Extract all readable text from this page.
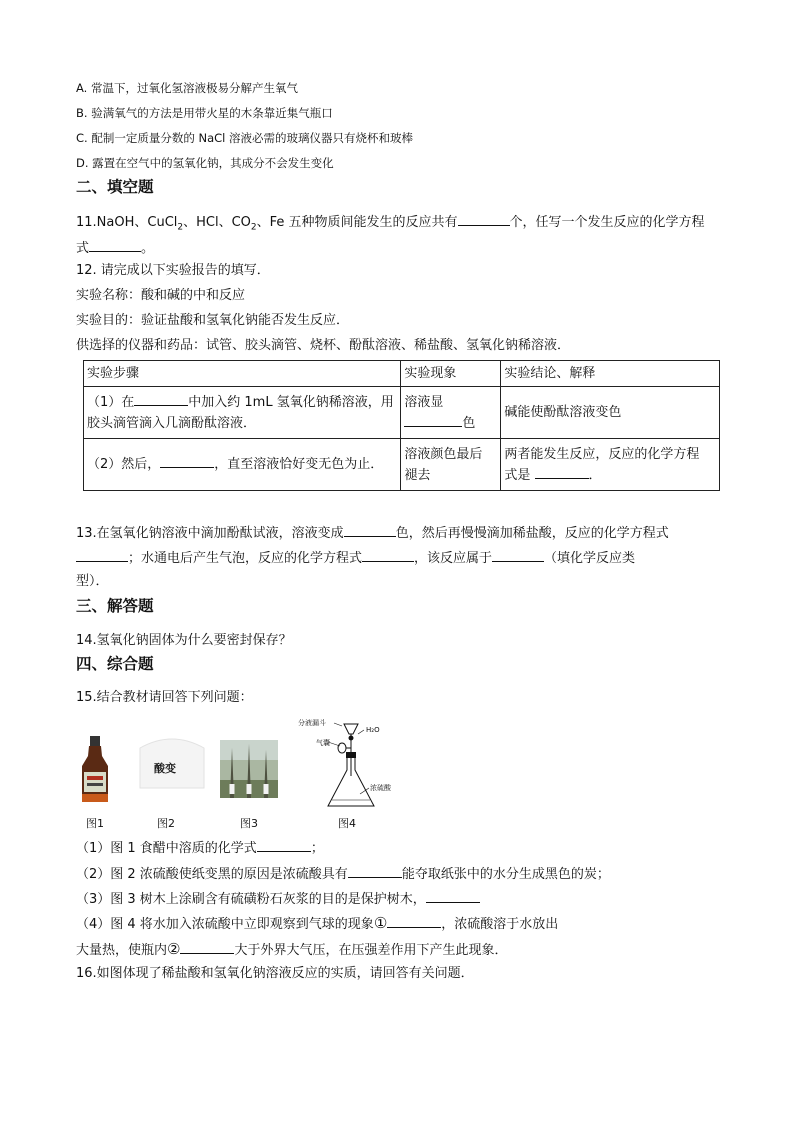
A. 常温下，过氧化氢溶液极易分解产生氧气
B. 验满氧气的方法是用带火星的木条靠近集气瓶口
C. 配制一定质量分数的 NaCl 溶液必需的玻璃仪器只有烧杯和玻棒
D. 露置在空气中的氢氧化钠，其成分不会发生变化
二、填空题
11.NaOH、CuCl$_2$、HCl、$CO_2$、Fe 五种物质间能发生的反应共有	个，任写一个发生反应的化学方程
式	。
12. 请完成以下实验报告的填写．
实验名称：酸和碱的中和反应
实验目的：验证盐酸和氢氧化钠能否发生反应．
供选择的仪器和药品：试管、胶头滴管、烧杯、酚酞溶液、稀盐酸、氢氧化钠稀溶液．
实验步骤	实验现象	实验结论、解释
（1）在 中加入约 1mL 氢氧化钠稀溶液，用
胶头滴管滴入几滴酚酞溶液．	溶液显
色	碱能使酚酞溶液变色
（2）然后， ，直至溶液恰好变无色为止．	溶液颜色最后
褪去	两者能发生反应，反应的化学方程
式是 ．
13.在氢氧化钠溶液中滴加酚酞试液，溶液变成	色，然后再慢慢滴加稀盐酸，反应的化学方程式
；水通电后产生气泡，反应的化学方程式	，该反应属于	（填化学反应类
型）．
三、解答题
14.氢氧化钠固体为什么要密封保存？
四、综合题
15.结合教材请回答下列问题：
酸变
分液漏斗
H₂O
气囊
浓硫酸
图1	图2	图3	图4
（1）图 1 食醋中溶质的化学式	；
（2）图 2 浓硫酸使纸变黑的原因是浓硫酸具有	能夺取纸张中的水分生成黑色的炭；
（3）图 3 树木上涂刷含有硫磺粉石灰浆的目的是保护树木，
（4）图 4 将水加入浓硫酸中立即观察到气球的现象①	，浓硫酸溶于水放出
大量热，使瓶内②	大于外界大气压，在压强差作用下产生此现象．
16.如图体现了稀盐酸和氢氧化钠溶液反应的实质，请回答有关问题．
